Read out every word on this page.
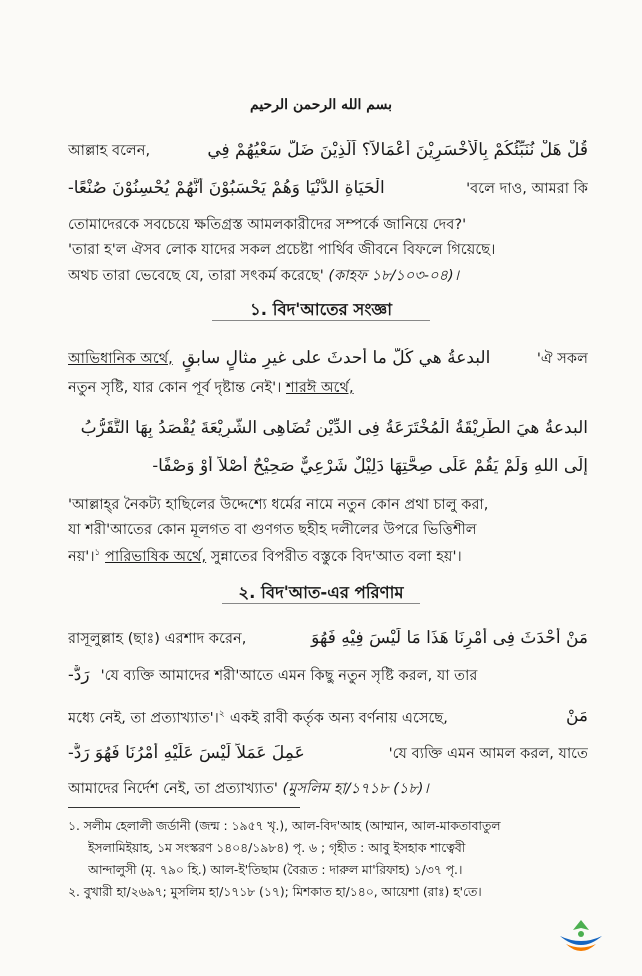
بسم الله الرحمن الرحيم
আল্লাহ বলেন,	قُلْ هَلْ نُنَبِّئُكُمْ بِالْأَخْسَرِيْنَ أَعْمَالاً؟ اَلَّذِيْنَ ضَلَّ سَعْيُهُمْ فِي
الْحَيَاةِ الدُّنْيَا وَهُمْ يَحْسَبُوْنَ أَنَّهُمْ يُحْسِنُوْنَ صُنْعًا-	'বলে দাও, আমরা কি
তোমাদেরকে সবচেয়ে ক্ষতিগ্রস্ত আমলকারীদের সম্পর্কে জানিয়ে দেব?'
'তারা হ'ল ঐসব লোক যাদের সকল প্রচেষ্টা পার্থিব জীবনে বিফলে গিয়েছে।
অথচ তারা ভেবেছে যে, তারা সৎকর্ম করেছে' (কাহফ ১৮/১০৩-০৪)।
১. বিদ'আতের সংজ্ঞা
আভিধানিক অর্থে, البدعةُ هي كُلُّ ما أحدثَ على غيرِ مثالٍ سابقٍ	'ঐ সকল
নতুন সৃষ্টি, যার কোন পূর্ব দৃষ্টান্ত নেই'। শারঈ অর্থে,
البدعةُ هيَ الطَّرِيْقَةُ الْمُخْتَرَعَةُ فِى الدِّيْنِ تُضَاهِى الشَّرِيْعَةَ يُقْصَدُ بِهَا التَّقَرُّبُ
إِلَى اللهِ وَلَمْ يَقُمْ عَلَى صِحَّتِهَا دَلِيْلٌ شَرْعِيٌّ صَحِيْحٌ أَصْلاً أَوْ وَصْفًا-
'আল্লাহ্‌র নৈকট্য হাছিলের উদ্দেশ্যে ধর্মের নামে নতুন কোন প্রথা চালু করা,
যা শরী'আতের কোন মূলগত বা গুণগত ছহীহ দলীলের উপরে ভিত্তিশীল
নয়'।$^১$ পারিভাষিক অর্থে, সুন্নাতের বিপরীত বস্তুকে বিদ'আত বলা হয়'।
২. বিদ'আত-এর পরিণাম
রাসূলুল্লাহ (ছাঃ) এরশাদ করেন,	مَنْ أَحْدَثَ فِى أَمْرِنَا هَذَا مَا لَيْسَ فِيْهِ فَهُوَ
رَدٌّ- 'যে ব্যক্তি আমাদের শরী'আতে এমন কিছু নতুন সৃষ্টি করল, যা তার
মধ্যে নেই, তা প্রত্যাখ্যাত'।$^২$ একই রাবী কর্তৃক অন্য বর্ণনায় এসেছে,	مَنْ
عَمِلَ عَمَلاً لَيْسَ عَلَيْهِ أَمْرُنَا فَهُوَ رَدٌّ-	'যে ব্যক্তি এমন আমল করল, যাতে
আমাদের নির্দেশ নেই, তা প্রত্যাখ্যাত' (মুসলিম হা/১৭১৮ (১৮)।
১. সলীম হেলালী জর্ডানী (জন্ম : ১৯৫৭ খৃ.), আল-বিদ'আহ (আম্মান, আল-মাকতাবাতুল
ইসলামিইয়াহ, ১ম সংস্করণ ১৪০৪/১৯৮৪) পৃ. ৬ ; গৃহীত : আবু ইসহাক শাত্বেবী
আন্দালুসী (মৃ. ৭৯০ হি.) আল-ই'তিছাম (বৈরূত : দারুল মা'রিফাহ) ১/৩৭ পৃ.।
২. বুখারী হা/২৬৯৭; মুসলিম হা/১৭১৮ (১৭); মিশকাত হা/১৪০, আয়েশা (রাঃ) হ'তে।
